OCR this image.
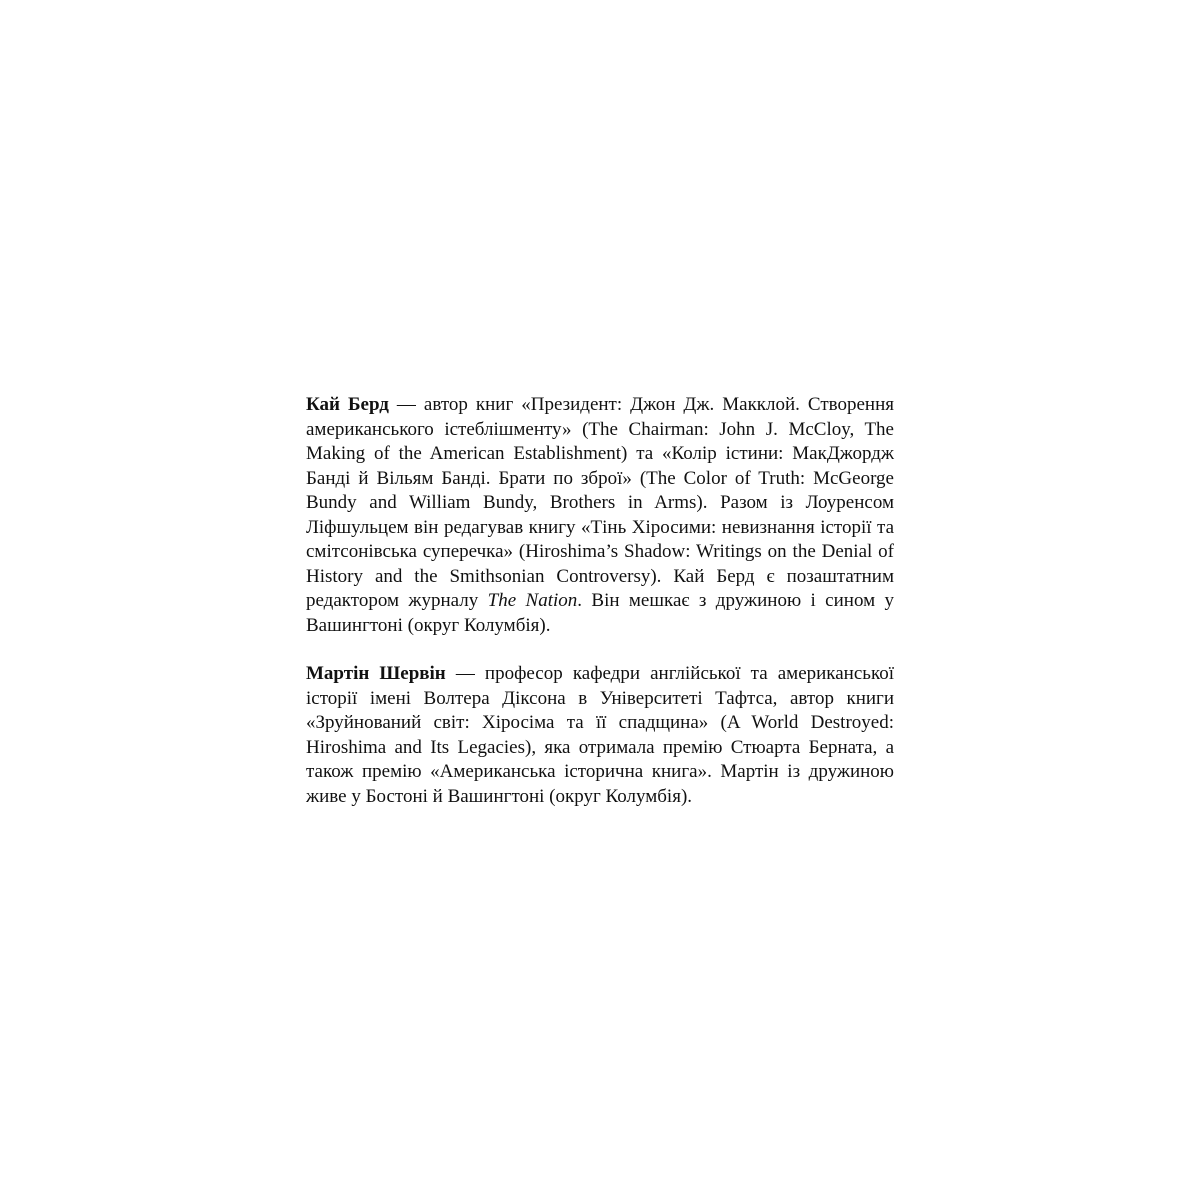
Кай Берд — автор книг «Президент: Джон Дж. Макклой. Створення американського істеблішменту» (The Chairman: John J. McCloy, The Making of the American Establishment) та «Колір істини: МакДжордж Банді й Вільям Банді. Брати по зброї» (The Color of Truth: McGeorge Bundy and William Bundy, Brothers in Arms). Разом із Лоуренсом Ліфшульцем він редагував книгу «Тінь Хіросими: невизнання історії та смітсонівська суперечка» (Hiroshima’s Shadow: Writings on the Denial of History and the Smithsonian Controversy). Кай Берд є позаштатним редактором журналу The Nation. Він мешкає з дружиною і сином у Вашингтоні (округ Колумбія).

Мартін Шервін — професор кафедри англійської та американської історії імені Волтера Діксона в Університеті Тафтса, автор книги «Зруйнований світ: Хіросіма та її спадщина» (A World Destroyed: Hiroshima and Its Legacies), яка отримала премію Стюарта Берната, а також премію «Американська історична книга». Мартін із дружиною живе у Бостоні й Вашингтоні (округ Колумбія).
